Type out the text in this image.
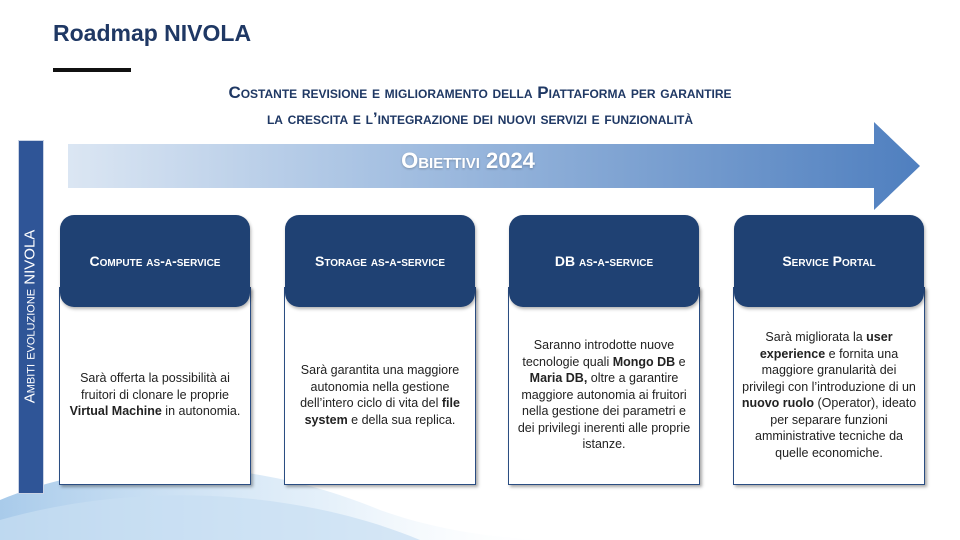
Roadmap NIVOLA
Costante revisione e miglioramento della Piattaforma per garantire
la crescita e l’integrazione dei nuovi servizi e funzionalità
Ambiti evoluzione NIVOLA
Obiettivi 2024
Compute as-a-service
Sarà offerta la possibilità ai fruitori di clonare le proprie Virtual Machine in autonomia.
Storage as-a-service
Sarà garantita una maggiore autonomia nella gestione dell’intero ciclo di vita del file system e della sua replica.
DB as-a-service
Saranno introdotte nuove tecnologie quali Mongo DB e Maria DB, oltre a garantire maggiore autonomia ai fruitori nella gestione dei parametri e dei privilegi inerenti alle proprie istanze.
Service Portal
Sarà migliorata la user experience e fornita una maggiore granularità dei privilegi con l’introduzione di un nuovo ruolo (Operator), ideato per separare funzioni amministrative tecniche da quelle economiche.
